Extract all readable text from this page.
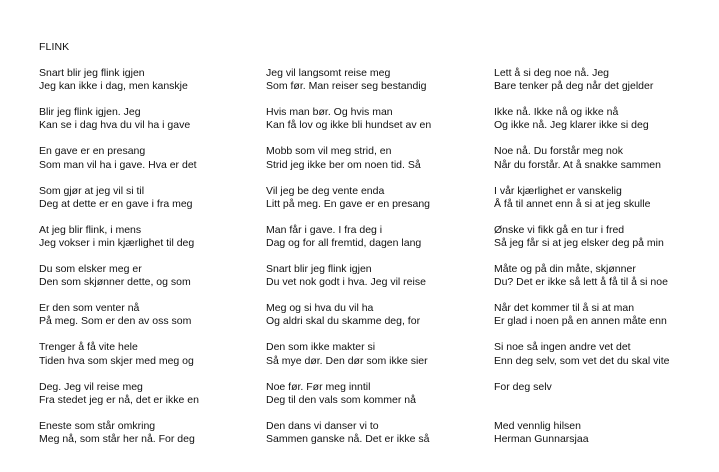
FLINK
Snart blir jeg flink igjen
Jeg kan ikke i dag, men kanskje
Blir jeg flink igjen. Jeg
Kan se i dag hva du vil ha i gave
En gave er en presang
Som man vil ha i gave. Hva er det
Som gjør at jeg vil si til
Deg at dette er en gave i fra meg
At jeg blir flink, i mens
Jeg vokser i min kjærlighet til deg
Du som elsker meg er
Den som skjønner dette, og som
Er den som venter nå
På meg. Som er den av oss som
Trenger å få vite hele
Tiden hva som skjer med meg og
Deg. Jeg vil reise meg
Fra stedet jeg er nå, det er ikke en
Eneste som står omkring
Meg nå, som står her nå. For deg
Jeg vil langsomt reise meg
Som før. Man reiser seg bestandig
Hvis man bør. Og hvis man
Kan få lov og ikke bli hundset av en
Mobb som vil meg strid, en
Strid jeg ikke ber om noen tid. Så
Vil jeg be deg vente enda
Litt på meg. En gave er en presang
Man får i gave. I fra deg i
Dag og for all fremtid, dagen lang
Snart blir jeg flink igjen
Du vet nok godt i hva. Jeg vil reise
Meg og si hva du vil ha
Og aldri skal du skamme deg, for
Den som ikke makter si
Så mye dør. Den dør som ikke sier
Noe før. Før meg inntil
Deg til den vals som kommer nå
Den dans vi danser vi to
Sammen ganske nå. Det er ikke så
Lett å si deg noe nå. Jeg
Bare tenker på deg når det gjelder
Ikke nå. Ikke nå og ikke nå
Og ikke nå. Jeg klarer ikke si deg
Noe nå. Du forstår meg nok
Når du forstår. At å snakke sammen
I vår kjærlighet er vanskelig
Å få til annet enn å si at jeg skulle
Ønske vi fikk gå en tur i fred
Så jeg får si at jeg elsker deg på min
Måte og på din måte, skjønner
Du? Det er ikke så lett å få til å si noe
Når det kommer til å si at man
Er glad i noen på en annen måte enn
Si noe så ingen andre vet det
Enn deg selv, som vet det du skal vite
For deg selv
Med vennlig hilsen
Herman Gunnarsjaa
